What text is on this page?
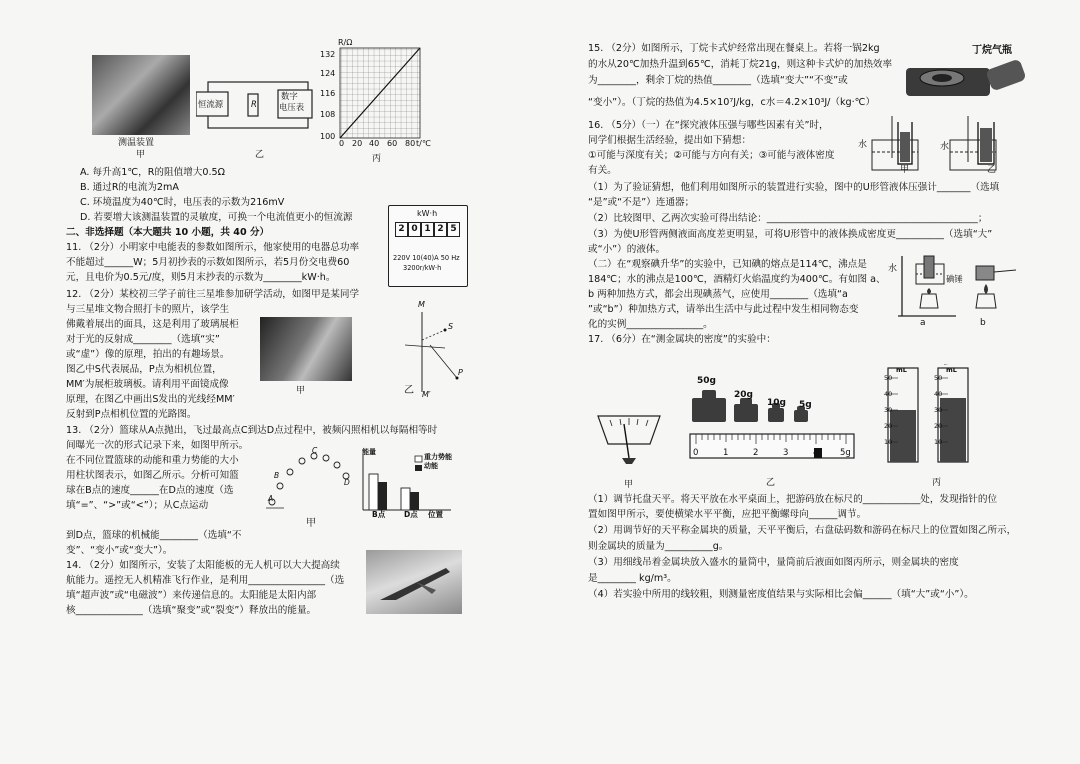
测温装置
甲
恒流源	R
数字
电压表
乙
R/Ω
132
124
116
108
100
0 20 40 60 80 t/℃
丙
A. 每升高1℃，R的阻值增大0.5Ω
B. 通过R的电流为2mA
C. 环境温度为40℃时，电压表的示数为216mV
D. 若要增大该测温装置的灵敏度，可换一个电流值更小的恒流源
二、非选择题（本大题共 10 小题，共 40 分）
11. （2分）小明家中电能表的参数如图所示，他家使用的电器总功率
不能超过______W；5月初抄表的示数如图所示，若5月份交电费60
元，且电价为0.5元/度，则5月末抄表的示数为________kW·h。
kW·h
2 0 1 2 5
220V 10(40)A 50 Hz
3200r/kW·h
12. （2分）某校初三学子前往三星堆参加研学活动，如图甲是某同学
与三星堆文物合照打卡的照片，该学生
佛戴着展出的面具，这是利用了玻璃展柜
对于光的反射成________（选填“实”
或“虚”）像的原理，拍出的有趣场景。
图乙中S代表展品，P点为相机位置，
MM′为展柜玻璃板。请利用平面镜成像
原理，在图乙中画出S发出的光线经MM′
反射到P点相机位置的光路图。
甲
M
M′
S
P
乙
13. （2分）篮球从A点抛出，飞过最高点C到达D点过程中，被频闪照相机以每隔相等时
间曝光一次的形式记录下来，如图甲所示。
在不同位置篮球的动能和重力势能的大小
用柱状图表示，如图乙所示。分析可知篮
球在B点的速度______在D点的速度（选
填“=”、“>”或“<”）；从C点运动
到D点，篮球的机械能________（选填“不
变”、“变小”或“变大”）。
A
B
C
D
甲
能量
重力势能
动能
B点	D点 位置
14. （2分）如图所示，安装了太阳能板的无人机可以大大提高续
航能力。遥控无人机精准飞行作业，是利用________________（选
填“超声波”或“电磁波”）来传递信息的。太阳能是太阳内部
核______________（选填“聚变”或“裂变”）释放出的能量。
15. （2分）如图所示，丁烷卡式炉经常出现在餐桌上。若将一锅2kg
的水从20℃加热升温到65℃，消耗丁烷21g，则这种卡式炉的加热效率
为________，剩余丁烷的热值________（选填“变大”“不变”或
“变小”）。（丁烷的热值为4.5×10⁷J/kg，c水＝4.2×10³J/（kg·℃）
丁烷气瓶
16. （5分）（一）在“探究液体压强与哪些因素有关”时，
同学们根据生活经验，提出如下猜想：
①可能与深度有关；②可能与方向有关；③可能与液体密度
有关。
（1）为了验证猜想，他们利用如图所示的装置进行实验，图中的U形管液体压强计_______（选填
“是”或“不是”）连通器；
（2）比较图甲、乙两次实验可得出结论：____________________________________________；
（3）为使U形管两侧液面高度差更明显，可将U形管中的液体换成密度更__________（选填“大”
或“小”）的液体。
（二）在“观察碘升华”的实验中，已知碘的熔点是114℃，沸点是
184℃；水的沸点是100℃，酒精灯火焰温度约为400℃。有如图 a、
b 两种加热方式，都会出现碘蒸气，应使用________（选填“a
”或“b”）种加热方式，请举出生活中与此过程中发生相同物态变
化的实例________________。
水	水
甲	乙
水
碘锤
a	b
17. （6分）在“测金属块的密度”的实验中：
甲
50g
20g
10g 5g
0	1	2	3	4	5g
乙
mL	mL
50
40
30
20
10
50
40
30
20
10
丙
（1）调节托盘天平。将天平放在水平桌面上，把游码放在标尺的____________处，发现指针的位
置如图甲所示，要使横梁水平平衡，应把平衡螺母向______调节。
（2）用调节好的天平称金属块的质量，天平平衡后，右盘砝码数和游码在标尺上的位置如图乙所示，
则金属块的质量为__________g。
（3）用细线吊着金属块放入盛水的量筒中，量筒前后液面如图丙所示，则金属块的密度
是________ kg/m³。
（4）若实验中所用的线较粗，则测量密度值结果与实际相比会偏______（填“大”或“小”）。
